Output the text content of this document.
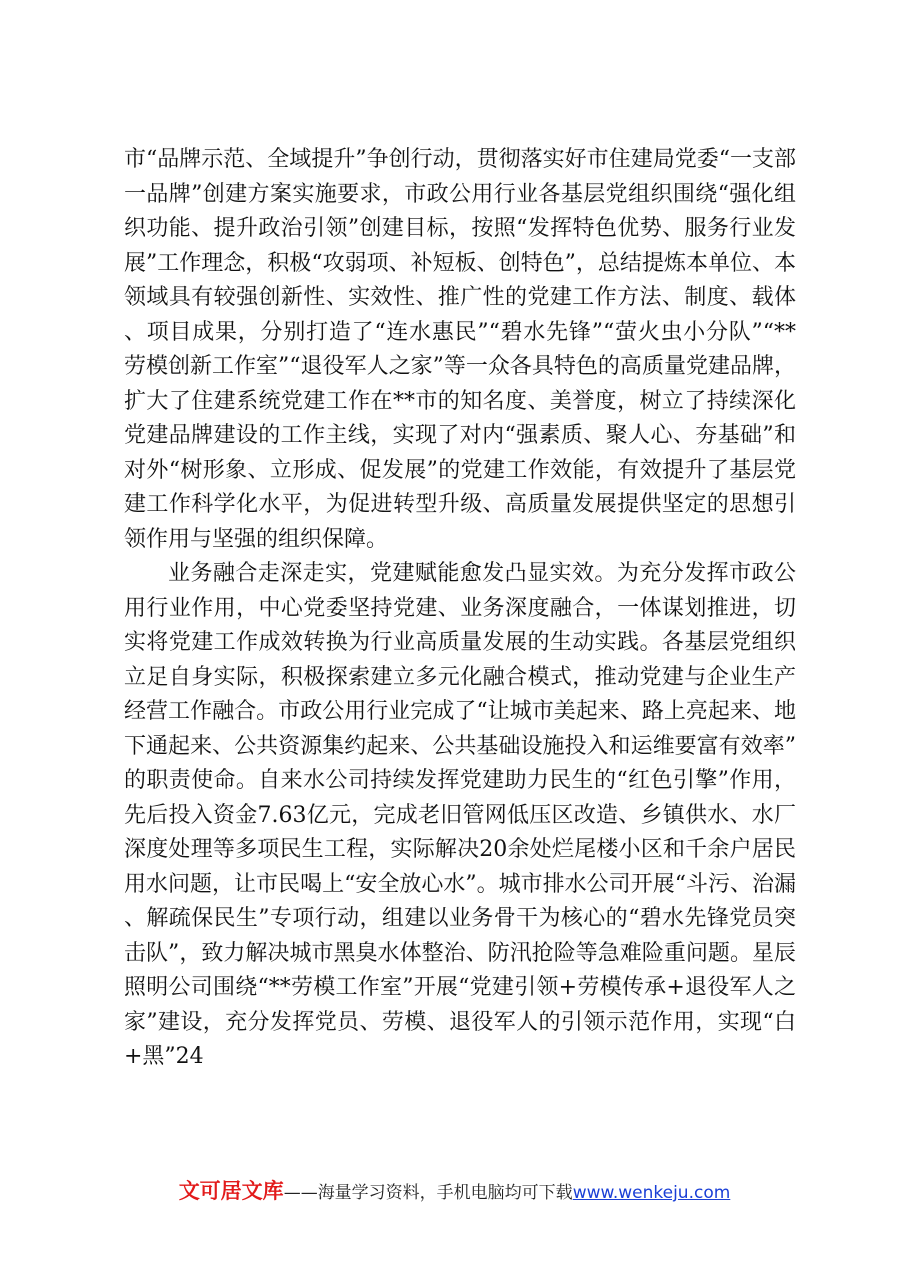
市“品牌示范、全域提升”争创行动，贯彻落实好市住建局党委“一支部一品牌”创建方案实施要求，市政公用行业各基层党组织围绕“强化组织功能、提升政治引领”创建目标，按照“发挥特色优势、服务行业发展”工作理念，积极“攻弱项、补短板、创特色”，总结提炼本单位、本领域具有较强创新性、实效性、推广性的党建工作方法、制度、载体、项目成果，分别打造了“连水惠民”“碧水先锋”“萤火虫小分队”“**劳模创新工作室”“退役军人之家”等一众各具特色的高质量党建品牌，扩大了住建系统党建工作在**市的知名度、美誉度，树立了持续深化党建品牌建设的工作主线，实现了对内“强素质、聚人心、夯基础”和对外“树形象、立形成、促发展”的党建工作效能，有效提升了基层党建工作科学化水平，为促进转型升级、高质量发展提供坚定的思想引领作用与坚强的组织保障。

业务融合走深走实，党建赋能愈发凸显实效。为充分发挥市政公用行业作用，中心党委坚持党建、业务深度融合，一体谋划推进，切实将党建工作成效转换为行业高质量发展的生动实践。各基层党组织立足自身实际，积极探索建立多元化融合模式，推动党建与企业生产经营工作融合。市政公用行业完成了“让城市美起来、路上亮起来、地下通起来、公共资源集约起来、公共基础设施投入和运维要富有效率”的职责使命。自来水公司持续发挥党建助力民生的“红色引擎”作用，先后投入资金7.63亿元，完成老旧管网低压区改造、乡镇供水、水厂深度处理等多项民生工程，实际解决20余处烂尾楼小区和千余户居民用水问题，让市民喝上“安全放心水”。城市排水公司开展“斗污、治漏、解疏保民生”专项行动，组建以业务骨干为核心的“碧水先锋党员突击队”，致力解决城市黑臭水体整治、防汛抢险等急难险重问题。星辰照明公司围绕“**劳模工作室”开展“党建引领+劳模传承+退役军人之家”建设，充分发挥党员、劳模、退役军人的引领示范作用，实现“白+黑”24

文可居文库——海量学习资料，手机电脑均可下载www.wenkeju.com
